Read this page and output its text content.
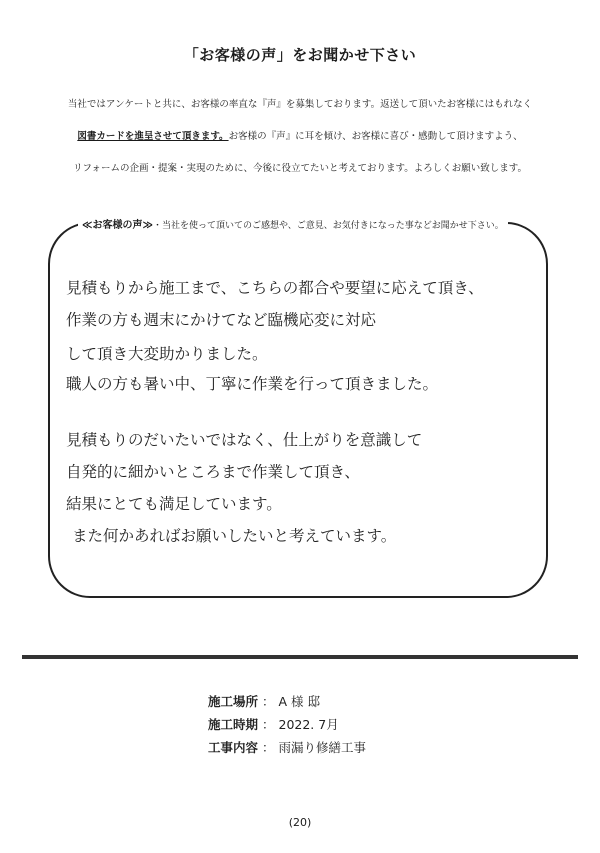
「お客様の声」をお聞かせ下さい
当社ではアンケートと共に、お客様の率直な『声』を募集しております。返送して頂いたお客様にはもれなく
図書カードを進呈させて頂きます。お客様の『声』に耳を傾け、お客様に喜び・感動して頂けますよう、
リフォームの企画・提案・実現のために、今後に役立てたいと考えております。よろしくお願い致します。
≪お客様の声≫・当社を使って頂いてのご感想や、ご意見、お気付きになった事などお聞かせ下さい。
見積もりから施工まで、こちらの都合や要望に応えて頂き、
作業の方も週末にかけてなど臨機応変に対応
して頂き大変助かりました。
職人の方も暑い中、丁寧に作業を行って頂きました。
見積もりのだいたいではなく、仕上がりを意識して
自発的に細かいところまで作業して頂き、
結果にとても満足しています。
また何かあればお願いしたいと考えています。
施工場所 ： A 様 邸
施工時期 ： 2022. 7月
工事内容 ： 雨漏り修繕工事
(20)
